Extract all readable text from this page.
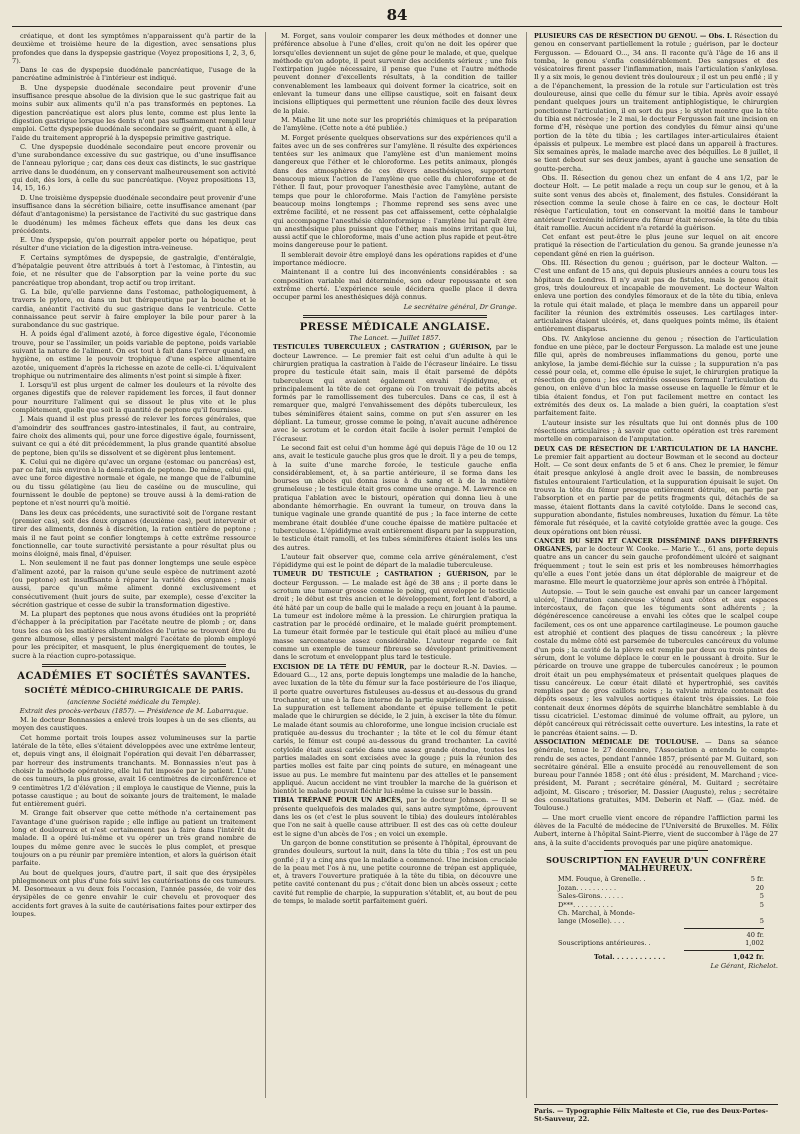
84

créatique, et dont les symptômes n'apparaissent qu'à partir de la deuxième et troisième heure de la digestion, avec sensations plus profondes que dans la dyspepsie gastrique (Voyez propositions I, 2, 3, 6, 7).

Dans le cas de dyspepsie duodénale pancréatique, l'usage de la pancréatine administrée à l'intérieur est indiqué.

B. Une dyspepsie duodénale secondaire peut provenir d'une insuffisance presque absolue de la division que le suc gastrique fait au moins subir aux aliments qu'il n'a pas transformés en peptones. La digestion pancréatique est alors plus lente, comme est plus lente la digestion gastrique lorsque les dents n'ont pas suffisamment rempli leur emploi. Cette dyspepsie duodénale secondaire se guérit, quant à elle, à l'aide du traitement approprié à la dyspepsie primitive gastrique.

C. Une dyspepsie duodénale secondaire peut encore provenir ou d'une surabondance excessive du suc gastrique, ou d'une insuffisance de l'anneau pylorique ; car, dans ces deux cas distincts, le suc gastrique arrive dans le duodénum, en y conservant malheureusement son activité qui doit, dès lors, à celle du suc pancréatique. (Voyez propositions 13, 14, 15, 16.)

D. Une troisième dyspepsie duodénale secondaire peut provenir d'une insuffisance dans la sécrétion biliaire, cette insuffisance amenant (par défaut d'antagonisme) la persistance de l'activité du suc gastrique dans le duodénum) les mêmes fâcheux effets que dans les deux cas précédents.

E. Une dyspepsie, qu'on pourrait appeler porte ou hépatique, peut résulter d'une viciation de la digestion intra-veineuse.

F. Certains symptômes de dyspepsie, de gastralgie, d'entéralgie, d'hépatalgie peuvent être attribués à tort à l'estomac, à l'intestin, au foie, et ne résulter que de l'absorption par la veine porte du suc pancréatique trop abondant, trop actif ou trop irritant.

G. La bile, qu'elle parvienne dans l'estomac, pathologiquement, à travers le pylore, ou dans un but thérapeutique par la bouche et le cardia, anéantit l'activité du suc gastrique dans le ventricule. Cette connaissance peut servir à faire employer la bile pour parer à la surabondance du suc gastrique.

H. À poids égal d'aliment azoté, à force digestive égale, l'économie trouve, pour se l'assimiler, un poids variable de peptone, poids variable suivant la nature de l'aliment. On est tout à fait dans l'erreur quand, en hygiène, on estime le pouvoir trophique d'une espèce alimentaire azotée, uniquement d'après la richesse en azote de celle-ci. L'équivalent trophique ou nutrimentaire des aliments n'est point si simple à fixer.

I. Lorsqu'il est plus urgent de calmer les douleurs et la révolte des organes digestifs que de relever rapidement les forces, il faut donner pour nourriture l'aliment qui se dissout le plus vite et le plus complètement, quelle que soit la quantité de peptone qu'il fournisse.

J. Mais quand il est plus pressé de relever les forces générales, que d'amoindrir des souffrances gastro-intestinales, il faut, au contraire, faire choix des aliments qui, pour une force digestive égale, fournissent, suivant ce qui a été dit précédemment, la plus grande quantité absolue de peptone, bien qu'ils se dissolvent et se digèrent plus lentement.

K. Celui qui ne digère qu'avec un organe (estomac ou pancréas) est, par ce fait, mis environ à la demi-ration de peptone. De même, celui qui, avec une force digestive normale et égale, ne mange que de l'albumine ou du tissu gélatigène (au lieu de caséine ou de musculine, qui fournissent le double de peptone) se trouve aussi à la demi-ration de peptone et n'est nourri qu'à moitié.

Dans les deux cas précédents, une suractivité soit de l'organe restant (premier cas), soit des deux organes (deuxième cas), peut intervenir et tirer des aliments, donnés à discrétion, la ration entière de peptone ; mais il ne faut point se confier longtemps à cette extrême ressource fonctionnelle, car toute suractivité persistante a pour résultat plus ou moins éloigné, mais final, d'épuiser.

L. Non seulement il ne faut pas donner longtemps une seule espèce d'aliment azoté, par la raison qu'une seule espèce de nutriment azoté (ou peptone) est insuffisante à réparer la variété des organes ; mais aussi, parce qu'un même aliment donné exclusivement et consécutivement (huit jours de suite, par exemple), cesse d'exciter la sécrétion gastrique et cesse de subir la transformation digestive.

M. La plupart des peptones que nous avons étudiées ont la propriété d'échapper à la précipitation par l'acétate neutre de plomb ; or, dans tous les cas où les matières albuminoïdes de l'urine se trouvent être du genre albumose, elles y persistent malgré l'acétate de plomb employé pour les précipiter, et masquent, le plus énergiquement de toutes, le sucre à la réaction cupro-potassique.

ACADÉMIES ET SOCIÉTÉS SAVANTES.
SOCIÉTÉ MÉDICO-CHIRURGICALE DE PARIS.
(ancienne Société médicale du Temple).
Extrait des procès-verbaux (1857). — Présidence de M. Labarraque.

M. le docteur Bonnassies a enlevé trois loupes à un de ses clients, au moyen des caustiques.

Cet homme portait trois loupes assez volumineuses sur la partie latérale de la tête, elles s'étaient développées avec une extrême lenteur, et, depuis vingt ans, il éloignait l'opération qui devait l'en débarrasser, par horreur des instruments tranchants. M. Bonnassies n'eut pas à choisir la méthode opératoire, elle lui fut imposée par le patient. L'une de ces tumeurs, la plus grosse, avait 16 centimètres de circonférence et 9 centimètres 1/2 d'élévation ; il employa le caustique de Vienne, puis la potasse caustique ; au bout de soixante jours de traitement, le malade fut entièrement guéri.

M. Grange fait observer que cette méthode n'a certainement pas l'avantage d'une guérison rapide ; elle inflige au patient un traitement long et douloureux et n'est certainement pas à faire dans l'intérêt du malade. Il a opéré lui-même et vu opérer un très grand nombre de loupes du même genre avec le succès le plus complet, et presque toujours on a pu réunir par première intention, et alors la guérison était parfaite.

Au bout de quelques jours, d'autre part, il sait que des érysipèles phlegmoneux ont plus d'une fois suivi les cautérisations de ces tumeurs. M. Desormeaux a vu deux fois l'occasion, l'année passée, de voir des érysipèles de ce genre envahir le cuir chevelu et provoquer des accidents fort graves à la suite de cautérisations faites pour extirper des loupes.

M. Forget, sans vouloir comparer les deux méthodes et donner une préférence absolue à l'une d'elles, croit qu'on ne doit les opérer que lorsqu'elles deviennent un sujet de gêne pour le malade, et que, quelque méthode qu'on adopte, il peut survenir des accidents sérieux ; une fois l'extirpation jugée nécessaire, il pense que l'une et l'autre méthode peuvent donner d'excellents résultats, à la condition de tailler convenablement les lambeaux qui doivent former la cicatrice, soit en enlevant la tumeur dans une ellipse caustique, soit en faisant deux incisions elliptiques qui permettent une réunion facile des deux lèvres de la plaie.

M. Mialhe lit une note sur les propriétés chimiques et la préparation de l'amylène. (Cette note a été publiée.)

M. Forget présente quelques observations sur des expériences qu'il a faites avec un de ses confrères sur l'amylène. Il résulte des expériences tentées sur les animaux que l'amylène est d'un maniement moins dangereux que l'éther et le chloroforme. Les petits animaux, plongés dans des atmosphères de ces divers anesthésiques, supportent beaucoup mieux l'action de l'amylène que celle du chloroforme et de l'éther. Il faut, pour provoquer l'anesthésie avec l'amylène, autant de temps que pour le chloroforme. Mais l'action de l'amylène persiste beaucoup moins longtemps ; l'homme reprend ses sens avec une extrême facilité, et ne ressent pas cet affaissement, cette céphalalgie qui accompagne l'anesthésie chloroformique : l'amylène lui paraît être un anesthésique plus puissant que l'éther, mais moins irritant que lui, aussi actif que le chloroforme, mais d'une action plus rapide et peut-être moins dangereuse pour le patient.

Il semblerait devoir être employé dans les opérations rapides et d'une importance médiocre.

Maintenant il a contre lui des inconvénients considérables : sa composition variable mal déterminée, son odeur repoussante et son extrême cherté. L'expérience seule décidera quelle place il devra occuper parmi les anesthésiques déjà connus.

Le secrétaire général, Dr Grange.
PRESSE MÉDICALE ANGLAISE.
The Lancet. — Juillet 1857.

TESTICULES TUBERCULEUX ; CASTRATION ; GUÉRISON, par le docteur Lawrence. — Le premier fait est celui d'un adulte à qui le chirurgien pratiqua la castration à l'aide de l'écraseur linéaire. Le tissu propre du testicule était sain, mais il était parsemé de dépôts tuberculeux qui avaient également envahi l'épididyme, et principalement la tête de cet organe où l'on trouvait de petits abcès formés par le ramollissement des tubercules. Dans ce cas, il est à remarquer que, malgré l'envahissement des dépôts tuberculeux, les tubes séminifères étaient sains, comme on put s'en assurer en les dépliant. La tumeur, grosse comme le poing, n'avait aucune adhérence avec le scrotum et le cordon était facile à isoler permit l'emploi de l'écraseur.

Le second fait est celui d'un homme âgé qui depuis l'âge de 10 ou 12 ans, avait le testicule gauche plus gros que le droit. Il y a peu de temps, à la suite d'une marche forcée, le testicule gauche enfla considérablement, et, à sa partie antérieure, il se forma dans les bourses un abcès qui donna issue à du sang et à de la matière grumeleuse ; le testicule était gros comme une orange. M. Lawrence en pratiqua l'ablation avec le bistouri, opération qui donna lieu à une abondante hémorrhagie. En ouvrant la tumeur, on trouva dans la tunique vaginale une grande quantité de pus ; la face interne de cette membrane était doublée d'une couche épaisse de matière pultacée et tuberculeuse. L'épididyme avait entièrement disparu par la suppuration, le testicule était ramolli, et les tubes séminifères étaient isolés les uns des autres.

L'auteur fait observer que, comme cela arrive généralement, c'est l'épididyme qui est le point de départ de la maladie tuberculeuse.

TUMEUR DU TESTICULE ; CASTRATION ; GUÉRISON, par le docteur Fergusson. — Le malade est âgé de 38 ans ; il porte dans le scrotum une tumeur grosse comme le poing, qui enveloppe le testicule droit ; le début est très ancien et le développement, fort lent d'abord, a été hâté par un coup de balle qui le malade a reçu en jouant à la paume. La tumeur est indolore même à la pression. Le chirurgien pratiqua la castration par le procédé ordinaire, et le malade guérit promptement. La tumeur était formée par le testicule qui était placé au milieu d'une masse sarcomateuse assez considérable. L'auteur regarde ce fait comme un exemple de tumeur fibreuse se développant primitivement dans le scrotum et enveloppant plus tard le testicule.

EXCISION DE LA TÊTE DU FÉMUR, par le docteur R.-N. Davies. — Édouard G..., 12 ans, porte depuis longtemps une maladie de la hanche, avec luxation de la tête du fémur sur la face postérieure de l'os iliaque, il porte quatre ouvertures fistuleuses au-dessus et au-dessous du grand trochanter, et une à la face interne de la partie supérieure de la cuisse. La suppuration est tellement abondante et épuise tellement le petit malade que le chirurgien se décide, le 2 juin, à exciser la tête du fémur. Le malade étant soumis au chloroforme, une longue incision cruciale est pratiquée au-dessus du trochanter ; la tête et le col du fémur étant cariés, le fémur est coupé au-dessous du grand trochanter. La cavité cotyloïde était aussi cariée dans une assez grande étendue, toutes les parties malades en sont excisées avec la gouge ; puis la réunion des parties molles est faite par cinq points de suture, en ménageant une issue au pus. Le membre fut maintenu par des attelles et le pansement appliqué. Aucun accident ne vint troubler la marche de la guérison et bientôt le malade pouvait fléchir lui-même la cuisse sur le bassin.

TIBIA TRÉPANÉ POUR UN ABCÈS, par le docteur Johnson. — Il se présente quelquefois des malades qui, sans autre symptôme, éprouvent dans les os (et c'est le plus souvent le tibia) des douleurs intolérables que l'on ne sait à quelle cause attribuer. Il est des cas où cette douleur est le signe d'un abcès de l'os ; en voici un exemple.

Un garçon de bonne constitution se présente à l'hôpital, éprouvant de grandes douleurs, surtout la nuit, dans la tête du tibia ; l'os est un peu gonflé ; il y a cinq ans que la maladie a commencé. Une incision cruciale de la peau met l'os à nu, une petite couronne de trépan est appliquée, et, à travers l'ouverture pratiquée à la tête du tibia, on découvre une petite cavité contenant du pus ; c'était donc bien un abcès osseux ; cette cavité fut remplie de charpie, la suppuration s'établit, et, au bout de peu de temps, le malade sortit parfaitement guéri.

PLUSIEURS CAS DE RÉSECTION DU GENOU. — Obs. I. Résection du genou en conservant partiellement la rotule ; guérison, par le docteur Fergusson. — Édouard O..., 34 ans. Il raconte qu'à l'âge de 16 ans il tomba, le genou s'enfla considérablement. Des sangsues et des vésicatoires firent passer l'inflammation, mais l'articulation s'ankylosa. Il y a six mois, le genou devient très douloureux ; il est un peu enflé ; il y a de l'épanchement, la pression de la rotule sur l'articulation est très douloureuse, ainsi que celle du fémur sur le tibia. Après avoir essayé pendant quelques jours un traitement antiphlogistique, le chirurgien ponctionne l'articulation, il en sort du pus ; le stylet montre que la tête du tibia est nécrosée ; le 2 mai, le docteur Fergusson fait une incision en forme d'H, résèque une portion des condyles du fémur ainsi qu'une portion de la tête du tibia ; les cartilages inter-articulaires étaient épaissis et pulpeux. Le membre est placé dans un appareil à fractures. Six semaines après, le malade marche avec des béquilles. Le 8 juillet, il se tient debout sur ses deux jambes, ayant à gauche une sensation de goutte-percha.

Obs. II. Résection du genou chez un enfant de 4 ans 1/2, par le docteur Holt. — Le petit malade a reçu un coup sur le genou, et à la suite sont venus des abcès et, finalement, des fistules. Considérant la résection comme la seule chose à faire en ce cas, le docteur Holt résèque l'articulation, tout en conservant la moitié dans le tambour antérieur l'extrémité inférieure du fémur était nécrosée, la tête du tibia était ramollie. Aucun accident n'a retardé la guérison.

Cet enfant est peut-être le plus jeune sur lequel on ait encore pratiqué la résection de l'articulation du genou. Sa grande jeunesse n'a cependant gêné en rien la guérison.

Obs. III. Résection du genou ; guérison, par le docteur Walton. — C'est une enfant de 15 ans, qui depuis plusieurs années a couru tous les hôpitaux de Londres. Il n'y avait pas de fistules, mais le genou était gros, très douloureux et incapable de mouvement. Le docteur Walton enleva une portion des condyles fémoraux et de la tête du tibia, enleva la rotule qui était malade, et plaça le membre dans un appareil pour faciliter la réunion des extrémités osseuses. Les cartilages inter-articulaires étaient ulcérés, et, dans quelques points même, ils étaient entièrement disparus.

Obs. IV. Ankylose ancienne du genou ; résection de l'articulation fondue en une pièce, par le docteur Fergusson. La malade est une jeune fille qui, après de nombreuses inflammations du genou, porte une ankylose, la jambe demi-fléchie sur la cuisse ; la suppuration n'a pas cessé pour cela, et, comme elle épuise le sujet, le chirurgien pratique la résection du genou ; les extrémités osseuses formant l'articulation du genou, on enlève d'un bloc la masse osseuse en laquelle le fémur et le tibia étaient fondus, et l'on put facilement mettre en contact les extrémités des deux os. La malade a bien guéri, la coaptation s'est parfaitement faite.

L'auteur insiste sur les résultats que lui ont donnés plus de 100 résections articulaires ; à savoir que cette opération est très rarement mortelle en comparaison de l'amputation.

DEUX CAS DE RÉSECTION DE L'ARTICULATION DE LA HANCHE. Le premier fait appartient au docteur Bowman et le second au docteur Holt. — Ce sont deux enfants de 5 et 6 ans. Chez le premier, le fémur était presque ankylosé à angle droit avec le bassin, de nombreuses fistules entouraient l'articulation, et la suppuration épuisait le sujet. On trouva la tête du fémur presque entièrement détruite, en partie par l'absorption et en partie par de petits fragments qui, détachés de sa masse, étaient flottants dans la cavité cotyloïde. Dans le second cas, suppuration abondante, fistules nombreuses, luxation du fémur. La tête fémorale fut réséquée, et la cavité cotyloïde grattée avec la gouge. Ces deux opérations ont bien réussi.

CANCER DU SEIN ET CANCER DISSÉMINÉ DANS DIFFÉRENTS ORGANES, par le docteur W. Cooke. — Marie Y..., 61 ans, porte depuis quatre ans un cancer du sein gauche profondément ulcéré et saignant fréquemment ; tout le sein est pris et les nombreuses hémorrhagies qu'elle a eues l'ont jetée dans un état déplorable de maigreur et de marasme. Elle meurt le quatorzième jour après son entrée à l'hôpital.

Autopsie. — Tout le sein gauche est envahi par un cancer largement ulcéré, l'induration cancéreuse s'étend aux côtes et aux espaces intercostaux, de façon que les téguments sont adhérents ; la dégénérescence cancéreuse a envahi les côtes que le scalpel coupe facilement, ces os ont une apparence cartilagineuse. Le poumon gauche est atrophié et contient des plaques de tissu cancéreux ; la plèvre costale du même côté est parsemée de tubercules cancéreux du volume d'un pois ; la cavité de la plèvre est remplie par deux ou trois pintes de sérum, dont le volume déplace le cœur en le poussant à droite. Sur le péricarde on trouve une grappe de tubercules cancéreux ; le poumon droit était un peu emphysémateux et présentait quelques plaques de tissu cancéreux. Le cœur était dilaté et hypertrophié, ses cavités remplies par de gros caillots noirs ; la valvule mitrale contenait des dépôts osseux ; les valvules aortiques étaient très épaissies. Le foie contenait deux énormes dépôts de squirrhe blanchâtre semblable à du tissu cicatriciel. L'estomac diminué de volume offrait, au pylore, un dépôt cancéreux qui rétrécissait cette ouverture. Les intestins, la rate et le pancréas étaient sains. — D.

ASSOCIATION MÉDICALE DE TOULOUSE. — Dans sa séance générale, tenue le 27 décembre, l'Association a entendu le compte-rendu de ses actes, pendant l'année 1857, présenté par M. Guitard, son secrétaire général. Elle a ensuite procédé au renouvellement de son bureau pour l'année 1858 ; ont été élus : président, M. Marchand ; vice-président, M. Parant ; secrétaire général, M. Guitard ; secrétaire adjoint, M. Giscaro ; trésorier, M. Dassier (Auguste), relus ; secrétaire des consultations gratuites, MM. Deberin et Naff. — (Gaz. méd. de Toulouse.)

— Une mort cruelle vient encore de répandre l'affliction parmi les élèves de la Faculté de médecine de l'Université de Bruxelles. M. Félix Aubert, interne à l'hôpital Saint-Pierre, vient de succomber à l'âge de 27 ans, à la suite d'accidents provoqués par une piqûre anatomique.

SOUSCRIPTION EN FAVEUR D'UN CONFRÈRE MALHEUREUX.
MM. Fouque, à Grenelle. .	5 fr.
Jozan. . . . . . . . . .	20
Sales-Girons. . . . . .	5
D***. . . . . . . . . .	5
Ch. Marchal, à Monde-
lange (Moselle). . . .	5
40 fr.
Souscriptions antérieures. .	1,002
Total. . . . . . . . . . . .	1,042 fr.
Le Gérant, Richelot.
Paris. — Typographie Félix Malteste et Cie, rue des Deux-Portes-St-Sauveur, 22.
